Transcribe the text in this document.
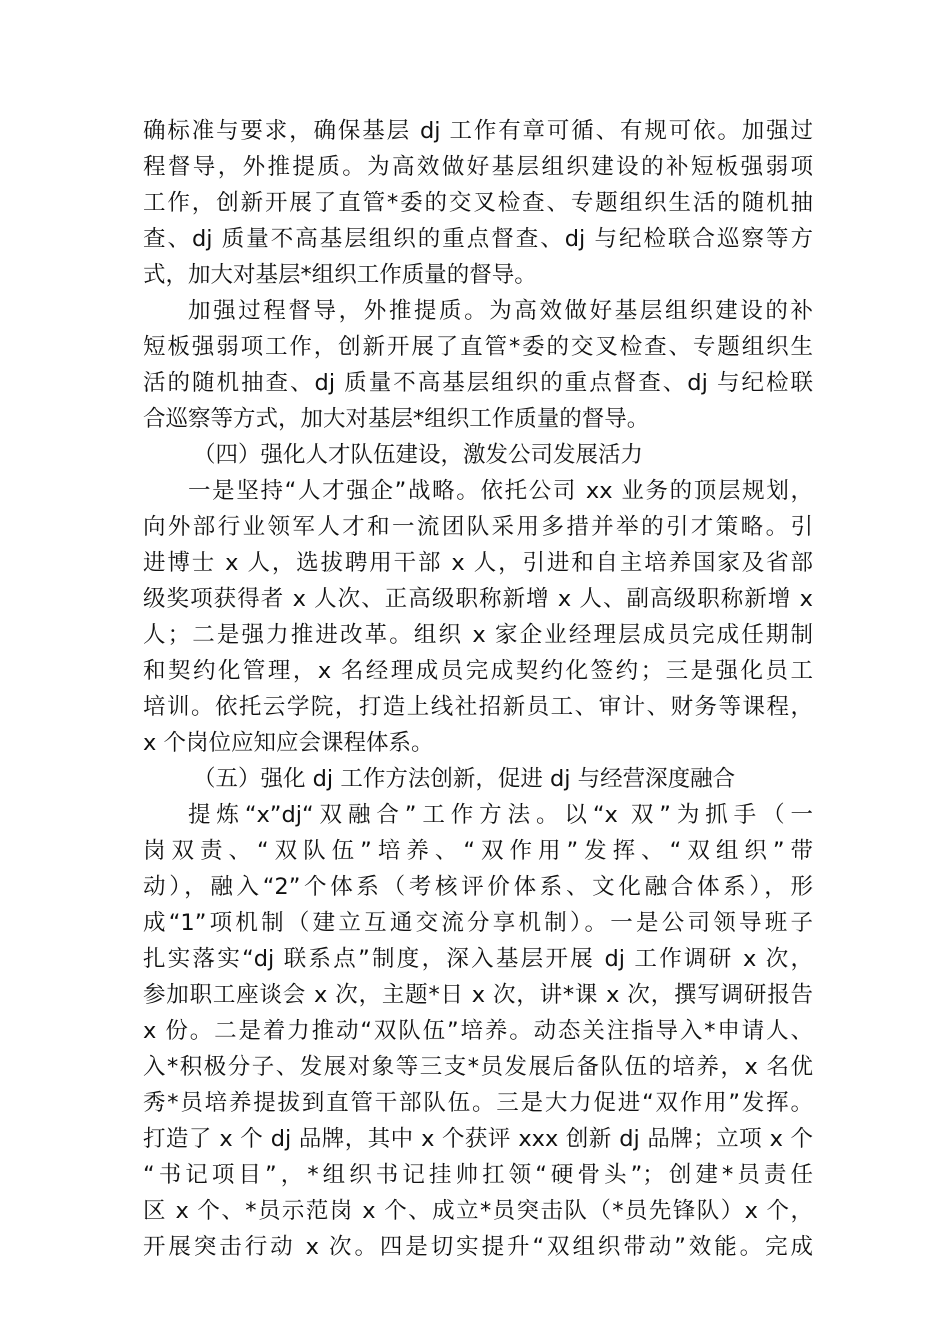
确标准与要求，确保基层 dj 工作有章可循、有规可依。加强过
程督导，外推提质。为高效做好基层组织建设的补短板强弱项
工作，创新开展了直管*委的交叉检查、专题组织生活的随机抽
查、dj 质量不高基层组织的重点督查、dj 与纪检联合巡察等方
式，加大对基层*组织工作质量的督导。
加强过程督导，外推提质。为高效做好基层组织建设的补
短板强弱项工作，创新开展了直管*委的交叉检查、专题组织生
活的随机抽查、dj 质量不高基层组织的重点督查、dj 与纪检联
合巡察等方式，加大对基层*组织工作质量的督导。
（四）强化人才队伍建设，激发公司发展活力
一是坚持“人才强企”战略。依托公司 xx 业务的顶层规划，
向外部行业领军人才和一流团队采用多措并举的引才策略。引
进博士 x 人，选拔聘用干部 x 人，引进和自主培养国家及省部
级奖项获得者 x 人次、正高级职称新增 x 人、副高级职称新增 x
人；二是强力推进改革。组织 x 家企业经理层成员完成任期制
和契约化管理，x 名经理成员完成契约化签约；三是强化员工
培训。依托云学院，打造上线社招新员工、审计、财务等课程，
x 个岗位应知应会课程体系。
（五）强化 dj 工作方法创新，促进 dj 与经营深度融合
提炼“x”dj“双融合”工作方法。以“x 双”为抓手（一
岗双责、“双队伍”培养、“双作用”发挥、“双组织”带
动），融入“2”个体系（考核评价体系、文化融合体系），形
成“1”项机制（建立互通交流分享机制）。一是公司领导班子
扎实落实“dj 联系点”制度，深入基层开展 dj 工作调研 x 次，
参加职工座谈会 x 次，主题*日 x 次，讲*课 x 次，撰写调研报告
x 份。二是着力推动“双队伍”培养。动态关注指导入*申请人、
入*积极分子、发展对象等三支*员发展后备队伍的培养，x 名优
秀*员培养提拔到直管干部队伍。三是大力促进“双作用”发挥。
打造了 x 个 dj 品牌，其中 x 个获评 xxx 创新 dj 品牌；立项 x 个
“书记项目”，*组织书记挂帅扛领“硬骨头”；创建*员责任
区 x 个、*员示范岗 x 个、成立*员突击队（*员先锋队）x 个，
开展突击行动 x 次。四是切实提升“双组织带动”效能。完成
